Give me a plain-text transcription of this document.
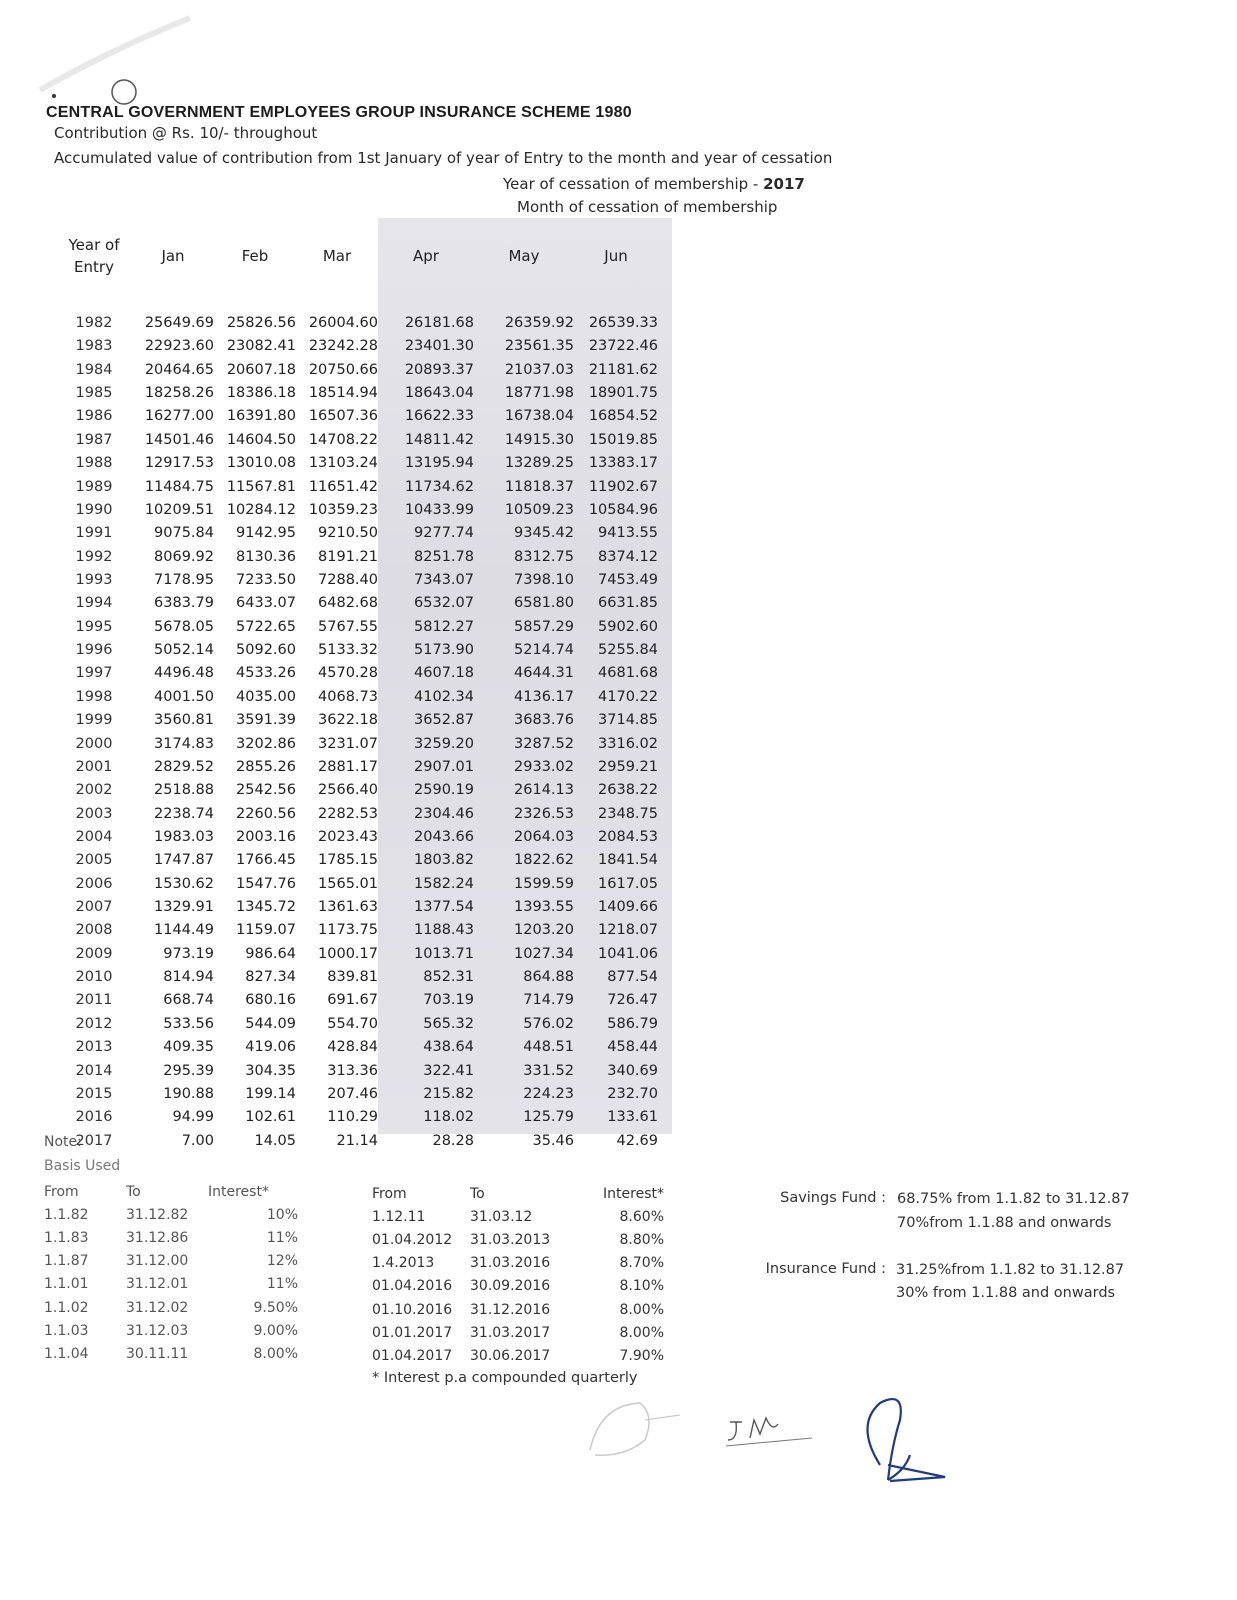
CENTRAL GOVERNMENT EMPLOYEES GROUP INSURANCE SCHEME 1980
Contribution @ Rs. 10/- throughout
Accumulated value of contribution from 1st January of year of Entry to the month and year of cessation
Year of cessation of membership - 2017
Month of cessation of membership
Year of Entry	Jan	Feb	Mar	Apr	May	Jun

1982	25649.69	25826.56	26004.60	26181.68	26359.92	26539.33
1983	22923.60	23082.41	23242.28	23401.30	23561.35	23722.46
1984	20464.65	20607.18	20750.66	20893.37	21037.03	21181.62
1985	18258.26	18386.18	18514.94	18643.04	18771.98	18901.75
1986	16277.00	16391.80	16507.36	16622.33	16738.04	16854.52
1987	14501.46	14604.50	14708.22	14811.42	14915.30	15019.85
1988	12917.53	13010.08	13103.24	13195.94	13289.25	13383.17
1989	11484.75	11567.81	11651.42	11734.62	11818.37	11902.67
1990	10209.51	10284.12	10359.23	10433.99	10509.23	10584.96
1991	9075.84	9142.95	9210.50	9277.74	9345.42	9413.55
1992	8069.92	8130.36	8191.21	8251.78	8312.75	8374.12
1993	7178.95	7233.50	7288.40	7343.07	7398.10	7453.49
1994	6383.79	6433.07	6482.68	6532.07	6581.80	6631.85
1995	5678.05	5722.65	5767.55	5812.27	5857.29	5902.60
1996	5052.14	5092.60	5133.32	5173.90	5214.74	5255.84
1997	4496.48	4533.26	4570.28	4607.18	4644.31	4681.68
1998	4001.50	4035.00	4068.73	4102.34	4136.17	4170.22
1999	3560.81	3591.39	3622.18	3652.87	3683.76	3714.85
2000	3174.83	3202.86	3231.07	3259.20	3287.52	3316.02
2001	2829.52	2855.26	2881.17	2907.01	2933.02	2959.21
2002	2518.88	2542.56	2566.40	2590.19	2614.13	2638.22
2003	2238.74	2260.56	2282.53	2304.46	2326.53	2348.75
2004	1983.03	2003.16	2023.43	2043.66	2064.03	2084.53
2005	1747.87	1766.45	1785.15	1803.82	1822.62	1841.54
2006	1530.62	1547.76	1565.01	1582.24	1599.59	1617.05
2007	1329.91	1345.72	1361.63	1377.54	1393.55	1409.66
2008	1144.49	1159.07	1173.75	1188.43	1203.20	1218.07
2009	973.19	986.64	1000.17	1013.71	1027.34	1041.06
2010	814.94	827.34	839.81	852.31	864.88	877.54
2011	668.74	680.16	691.67	703.19	714.79	726.47
2012	533.56	544.09	554.70	565.32	576.02	586.79
2013	409.35	419.06	428.84	438.64	448.51	458.44
2014	295.39	304.35	313.36	322.41	331.52	340.69
2015	190.88	199.14	207.46	215.82	224.23	232.70
2016	94.99	102.61	110.29	118.02	125.79	133.61
2017	7.00	14.05	21.14	28.28	35.46	42.69
Note:
Basis Used
From	To	Interest*
1.1.82	31.12.82	10%
1.1.83	31.12.86	11%
1.1.87	31.12.00	12%
1.1.01	31.12.01	11%
1.1.02	31.12.02	9.50%
1.1.03	31.12.03	9.00%
1.1.04	30.11.11	8.00%
From	To	Interest*
1.12.11	31.03.12	8.60%
01.04.2012	31.03.2013	8.80%
1.4.2013	31.03.2016	8.70%
01.04.2016	30.09.2016	8.10%
01.10.2016	31.12.2016	8.00%
01.01.2017	31.03.2017	8.00%
01.04.2017	30.06.2017	7.90%
* Interest p.a compounded quarterly
Savings Fund : 68.75% from 1.1.82 to 31.12.87
70%from 1.1.88 and onwards
Insurance Fund : 31.25%from 1.1.82 to 31.12.87
30% from 1.1.88 and onwards
